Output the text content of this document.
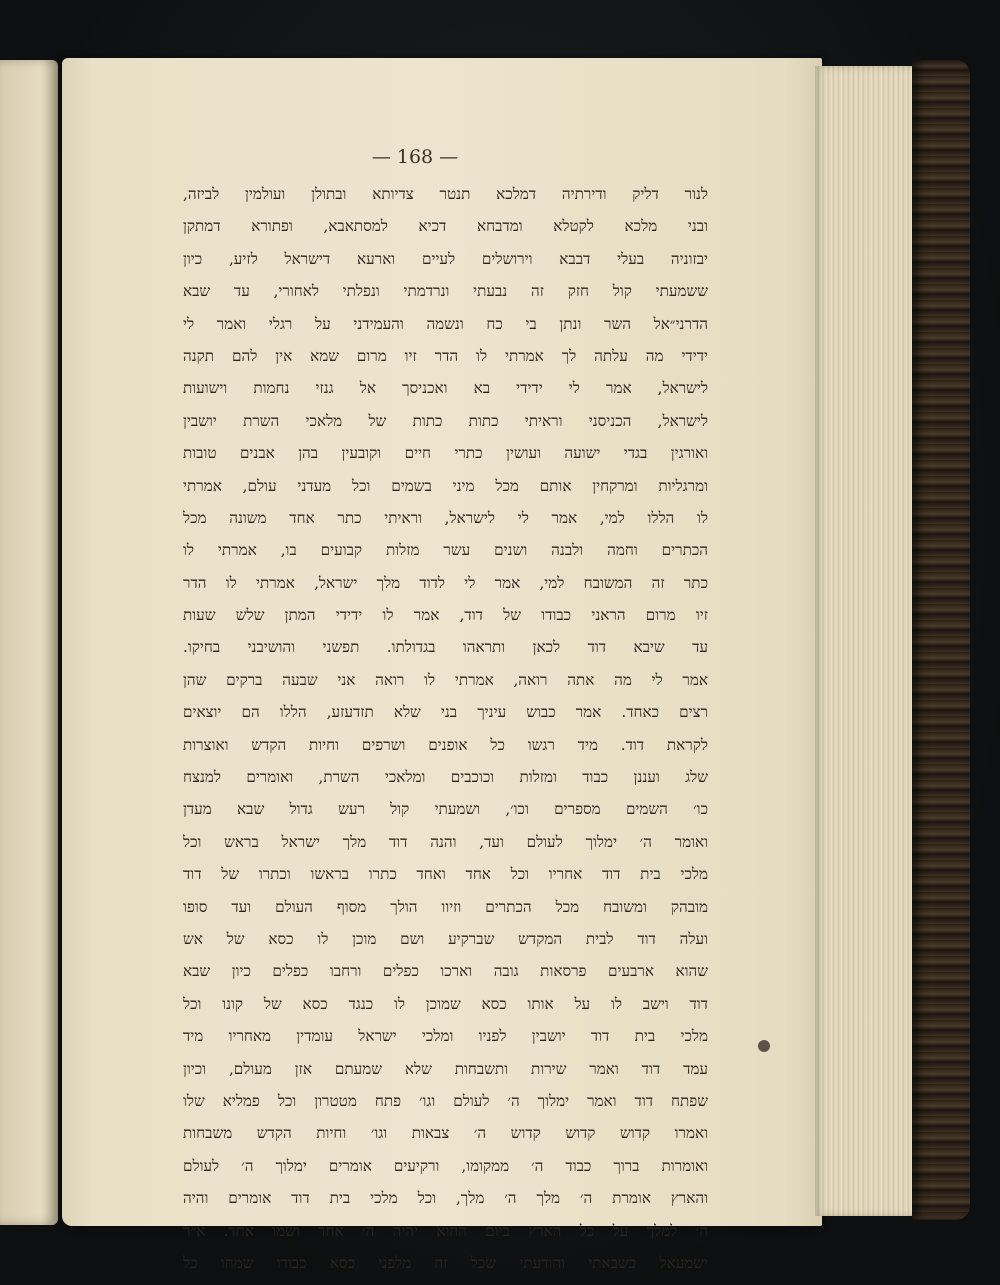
— 168 —
לנור דליק ודירתיה דמלכא תנטר צדיותא ובתולן ועולמין לביזה,
ובני מלכא לקטלא ומדבחא דכיא למסתאבא, ופתורא דמתקן
יבזוניה בעלי דבבא וירושלים לעיים וארעא דישראל לזיע, כיון
ששמעתי קול חזק זה נבעתי ונרדמתי ונפלתי לאחורי, עד שבא
הדרני״אל השר ונתן בי כח ונשמה והעמידני על רגלי ואמר לי
ידידי מה עלתה לך אמרתי לו הדר זיו מרום שמא אין להם תקנה
לישראל, אמר לי ידידי בא ואכניסך אל גנזי נחמות וישועות
לישראל, הכניסני וראיתי כתות כתות של מלאכי השרת יושבין
ואורגין בגדי ישועה ועושין כתרי חיים וקובעין בהן אבנים טובות
ומרגליות ומרקחין אותם מכל מיני בשמים וכל מעדני עולם, אמרתי
לו הללו למי, אמר לי לישראל, וראיתי כתר אחד משונה מכל
הכתרים וחמה ולבנה ושנים עשר מזלות קבועים בו, אמרתי לו
כתר זה המשובח למי, אמר לי לדוד מלך ישראל, אמרתי לו הדר
זיו מרום הראני כבודו של דוד, אמר לו ידידי המתן שלש שעות
עד שיבא דוד לכאן ותראהו בגדולתו. תפשני והושיבני בחיקו.
אמר לי מה אתה רואה, אמרתי לו רואה אני שבעה ברקים שהן
רצים כאחד. אמר כבוש עיניך בני שלא תזדעזע, הללו הם יוצאים
לקראת דוד. מיד רגשו כל אופנים ושרפים וחיות הקדש ואוצרות
שלג ועננן כבוד ומזלות וכוכבים ומלאכי השרת, ואומרים למנצח
כו׳ השמים מספרים וכו׳, ושמעתי קול רעש גדול שבא מעדן
ואומר ה׳ ימלוך לעולם ועד, והנה דוד מלך ישראל בראש וכל
מלכי בית דוד אחריו וכל אחד ואחד כתרו בראשו וכתרו של דוד
מובהק ומשובח מכל הכתרים וזיוו הולך מסוף העולם ועד סופו
ועלה דוד לבית המקדש שברקיע ושם מוכן לו כסא של אש
שהוא ארבעים פרסאות גובה וארכו כפלים ורחבו כפלים כיון שבא
דוד וישב לו על אותו כסא שמוכן לו כנגד כסא של קונו וכל
מלכי בית דוד יושבין לפניו ומלכי ישראל עומדין מאחריו מיד
עמד דוד ואמר שירות ותשבחות שלא שמעתם אזן מעולם, וכיון
שפתח דוד ואמר ימלוך ה׳ לעולם וגו׳ פתח מטטרון וכל פמליא שלו
ואמרו קדוש קדוש קדוש ה׳ צבאות וגו׳ וחיות הקדש משבחות
ואומרות ברוך כבוד ה׳ ממקומו, ורקיעים אומרים ימלוך ה׳ לעולם
והארץ אומרת ה׳ מלך ה׳ מלך, וכל מלכי בית דוד אומרים והיה
ה׳ למלך על כל הארץ ביום ההוא יהיה ה׳ אחד ושמו אחד. א״ר
ישמעאל כשבאתי והודעתי שכל זה מלפני כסא כבודו שמחו כל
